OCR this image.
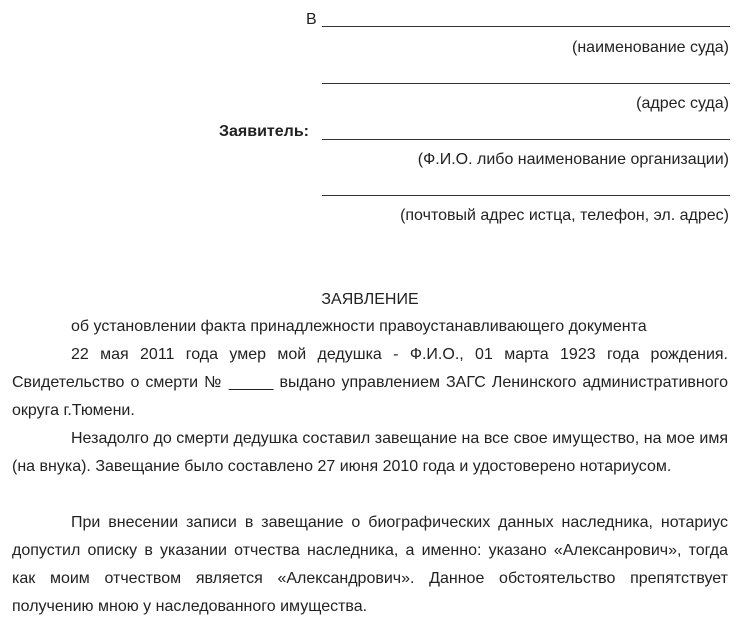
В
(наименование суда)
(адрес суда)
Заявитель:
(Ф.И.О. либо наименование организации)
(почтовый адрес истца, телефон, эл. адрес)
ЗАЯВЛЕНИЕ
об установлении факта принадлежности правоустанавливающего документа
22 мая 2011 года умер мой дедушка - Ф.И.О., 01 марта 1923 года рождения. Свидетельство о смерти № _____ выдано управлением ЗАГС Ленинского административного округа г.Тюмени.
Незадолго до смерти дедушка составил завещание на все свое имущество, на мое имя (на внука). Завещание было составлено 27 июня 2010 года и удостоверено нотариусом.
При внесении записи в завещание о биографических данных наследника, нотариус допустил описку в указании отчества наследника, а именно: указано «Алексанрович», тогда как моим отчеством является «Александрович». Данное обстоятельство препятствует получению мною у наследованного имущества.
